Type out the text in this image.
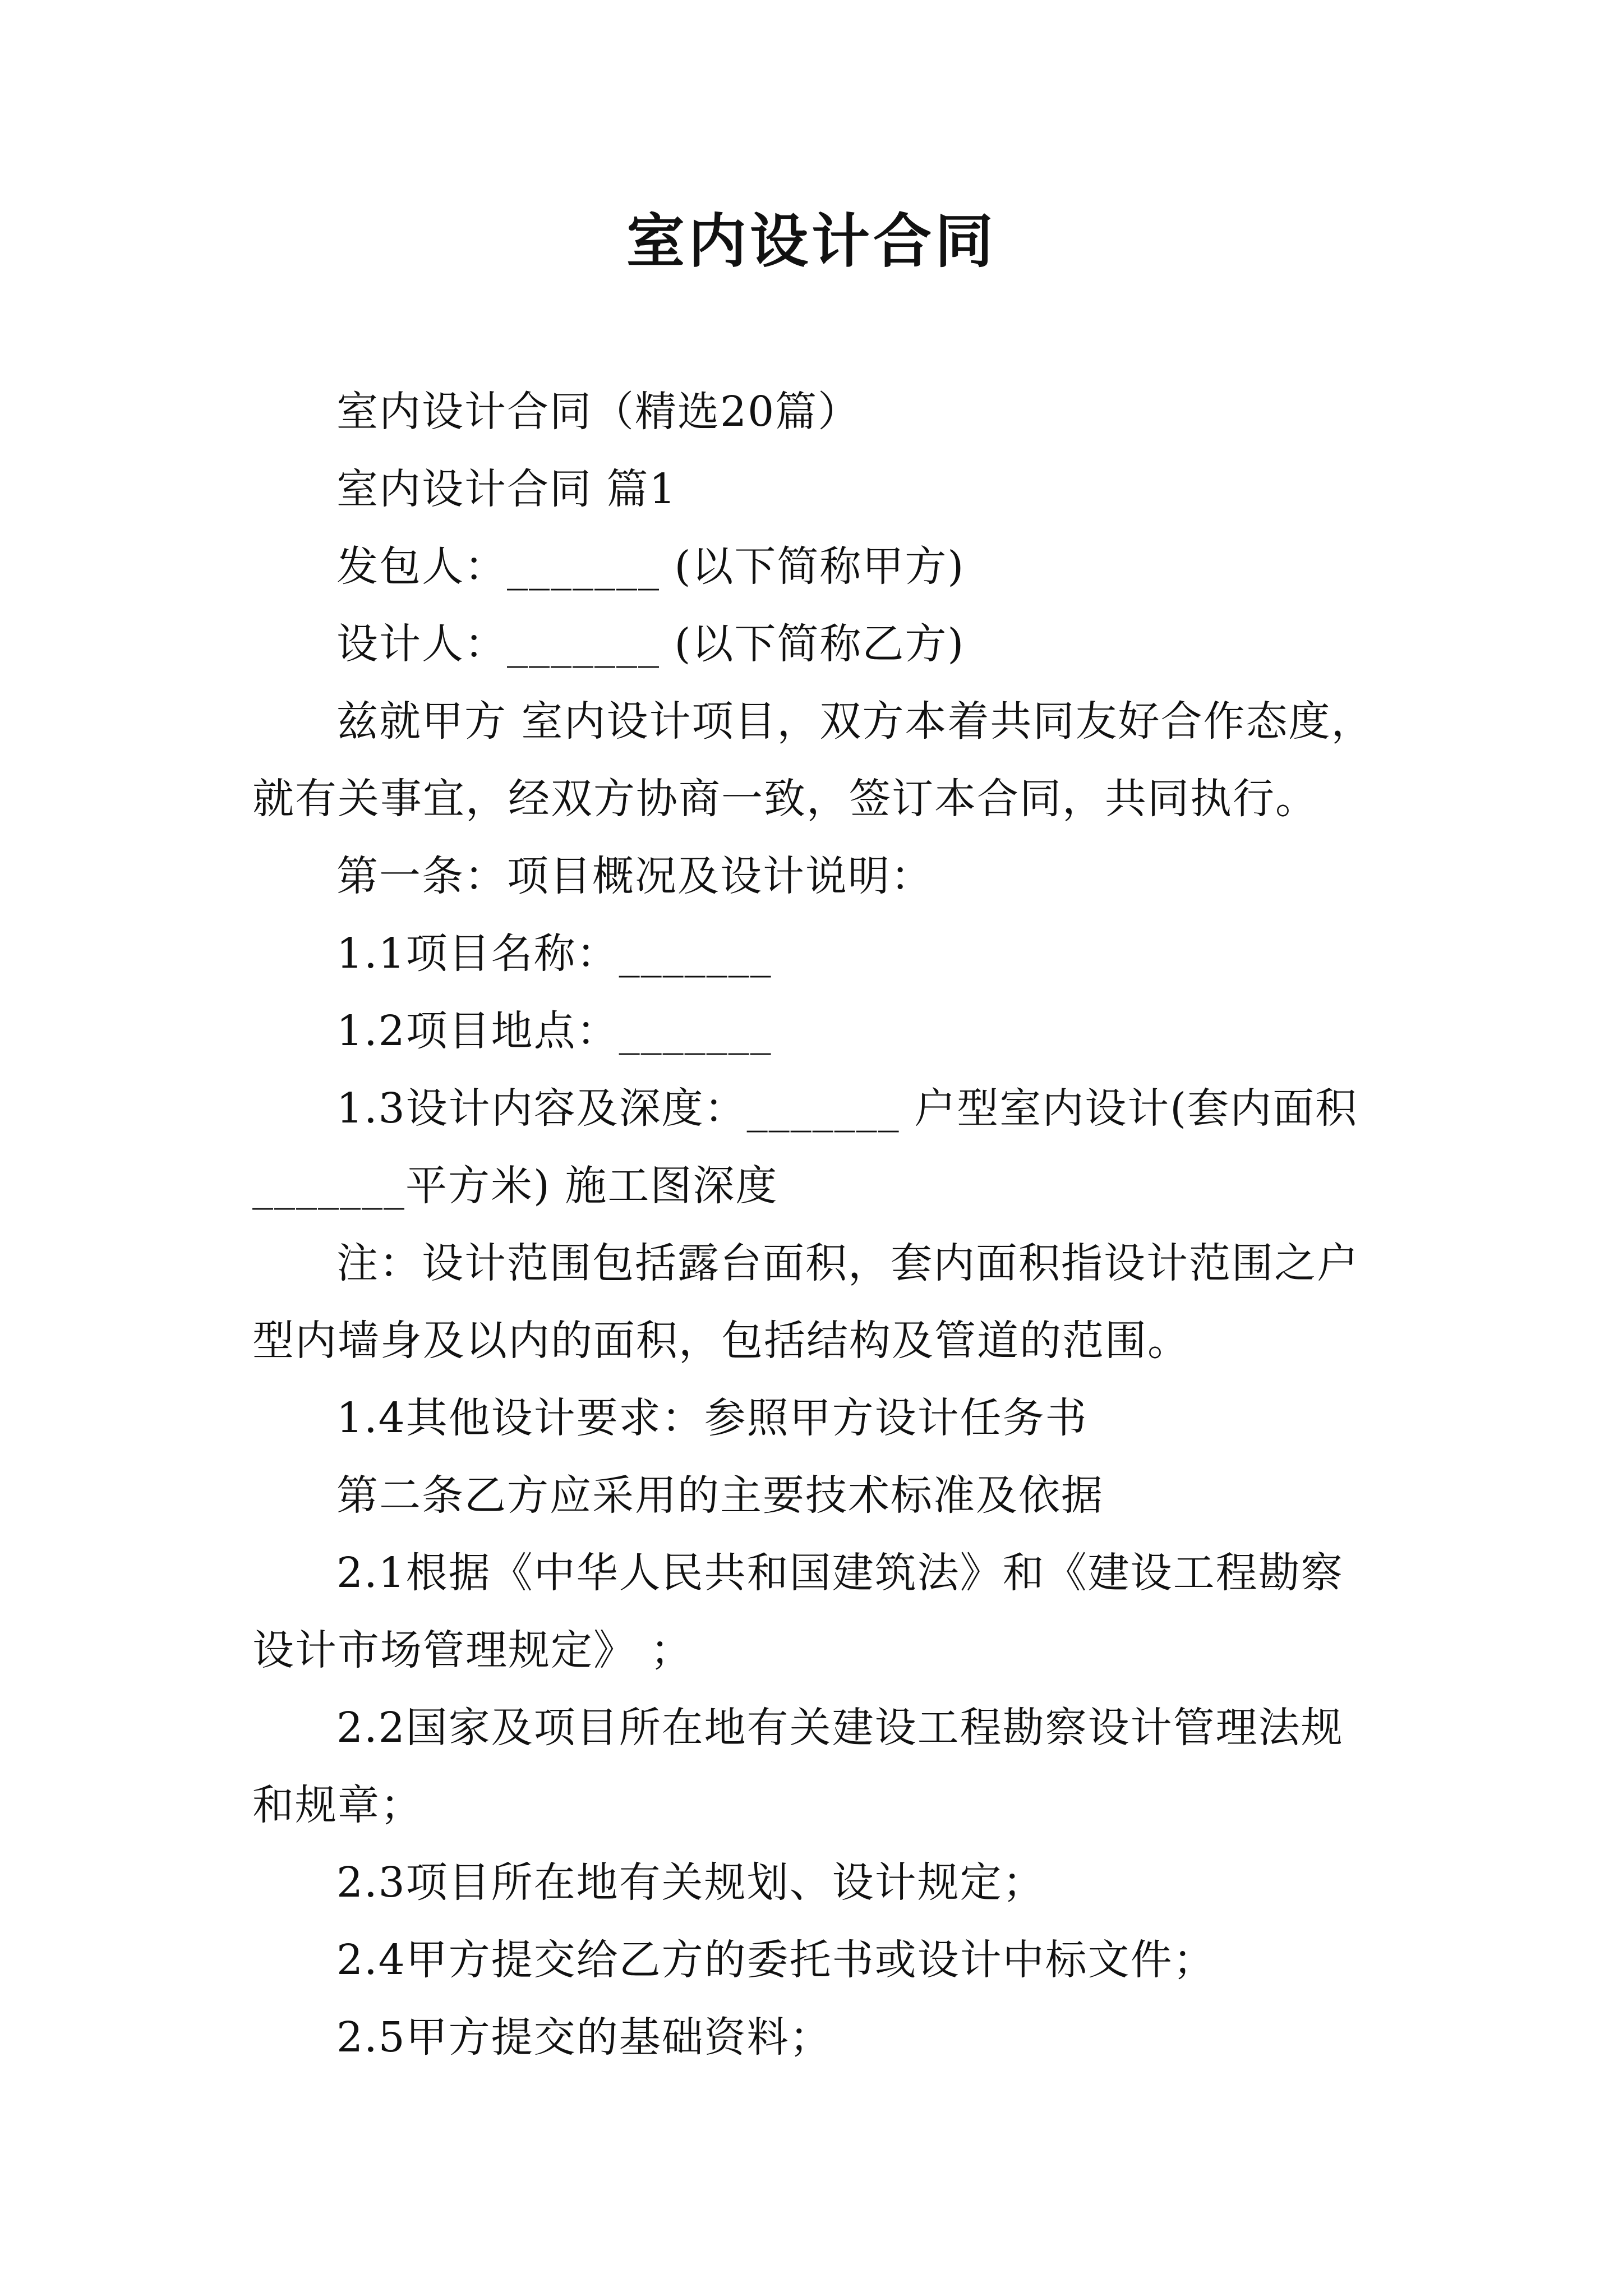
室内设计合同

室内设计合同（精选20篇）

室内设计合同 篇1

发包人：_______ (以下简称甲方)

设计人：_______ (以下简称乙方)

兹就甲方 室内设计项目，双方本着共同友好合作态度，就有关事宜，经双方协商一致，签订本合同，共同执行。

第一条：项目概况及设计说明：

1.1项目名称：_______

1.2项目地点：_______

1.3设计内容及深度：_______ 户型室内设计(套内面积_______平方米) 施工图深度

注：设计范围包括露台面积，套内面积指设计范围之户型内墙身及以内的面积，包括结构及管道的范围。

1.4其他设计要求：参照甲方设计任务书

第二条乙方应采用的主要技术标准及依据

2.1根据《中华人民共和国建筑法》和《建设工程勘察设计市场管理规定》 ；

2.2国家及项目所在地有关建设工程勘察设计管理法规和规章；

2.3项目所在地有关规划、设计规定；

2.4甲方提交给乙方的委托书或设计中标文件；

2.5甲方提交的基础资料；
